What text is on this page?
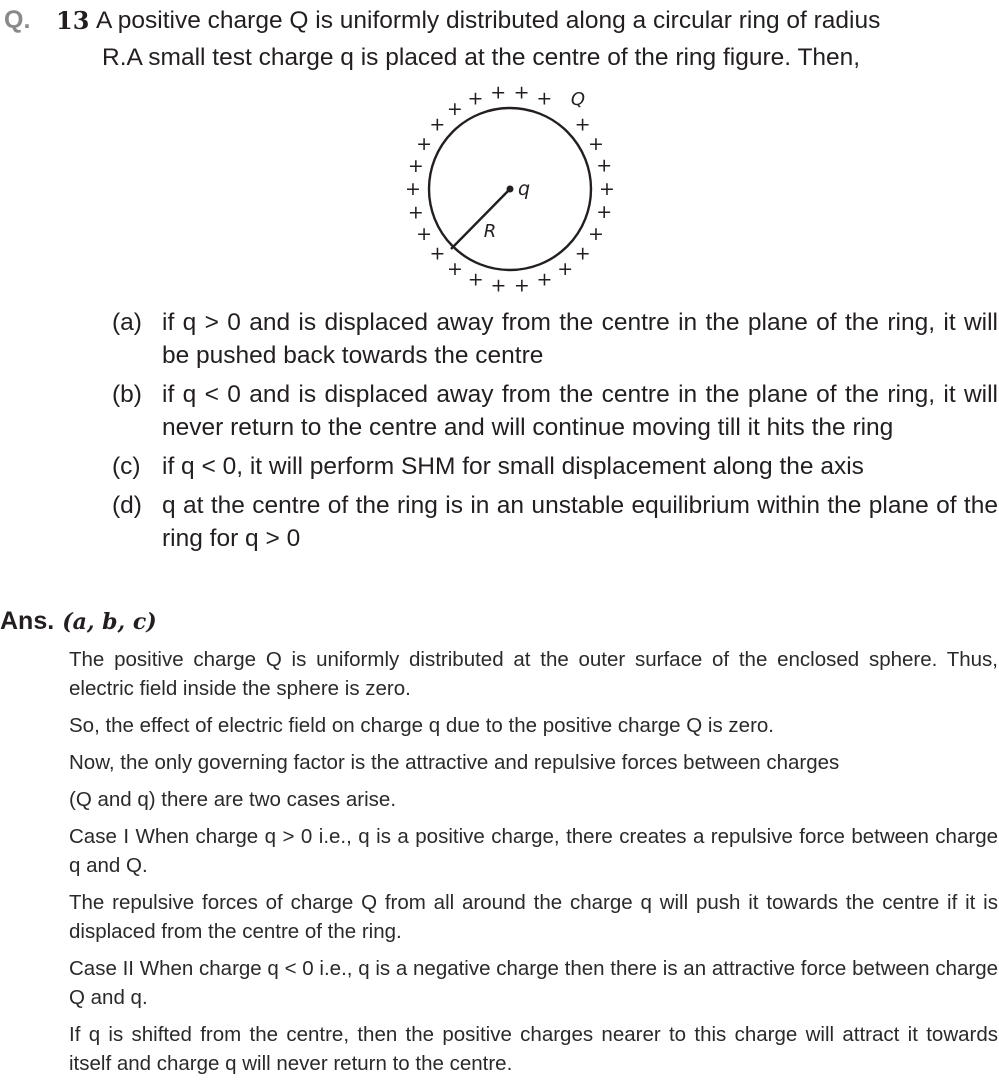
Q. 13 A positive charge Q is uniformly distributed along a circular ring of radius
R.A small test charge q is placed at the centre of the ring figure. Then,
+ +
+
+
+
+
+
+
+
+
+
+
+
+
+
+
+
+
+
+
+
+
+ + +	Q
q
R
(a) if q > 0 and is displaced away from the centre in the plane of the ring, it will be pushed back towards the centre
(b) if q < 0 and is displaced away from the centre in the plane of the ring, it will never return to the centre and will continue moving till it hits the ring
(c) if q < 0, it will perform SHM for small displacement along the axis
(d) q at the centre of the ring is in an unstable equilibrium within the plane of the ring for q > 0
Ans. (a, b, c)

The positive charge Q is uniformly distributed at the outer surface of the enclosed sphere. Thus, electric field inside the sphere is zero.

So, the effect of electric field on charge q due to the positive charge Q is zero.

Now, the only governing factor is the attractive and repulsive forces between charges

(Q and q) there are two cases arise.

Case I When charge q > 0 i.e., q is a positive charge, there creates a repulsive force between charge q and Q.

The repulsive forces of charge Q from all around the charge q will push it towards the centre if it is displaced from the centre of the ring.

Case II When charge q < 0 i.e., q is a negative charge then there is an attractive force between charge Q and q.

If q is shifted from the centre, then the positive charges nearer to this charge will attract it towards itself and charge q will never return to the centre.
